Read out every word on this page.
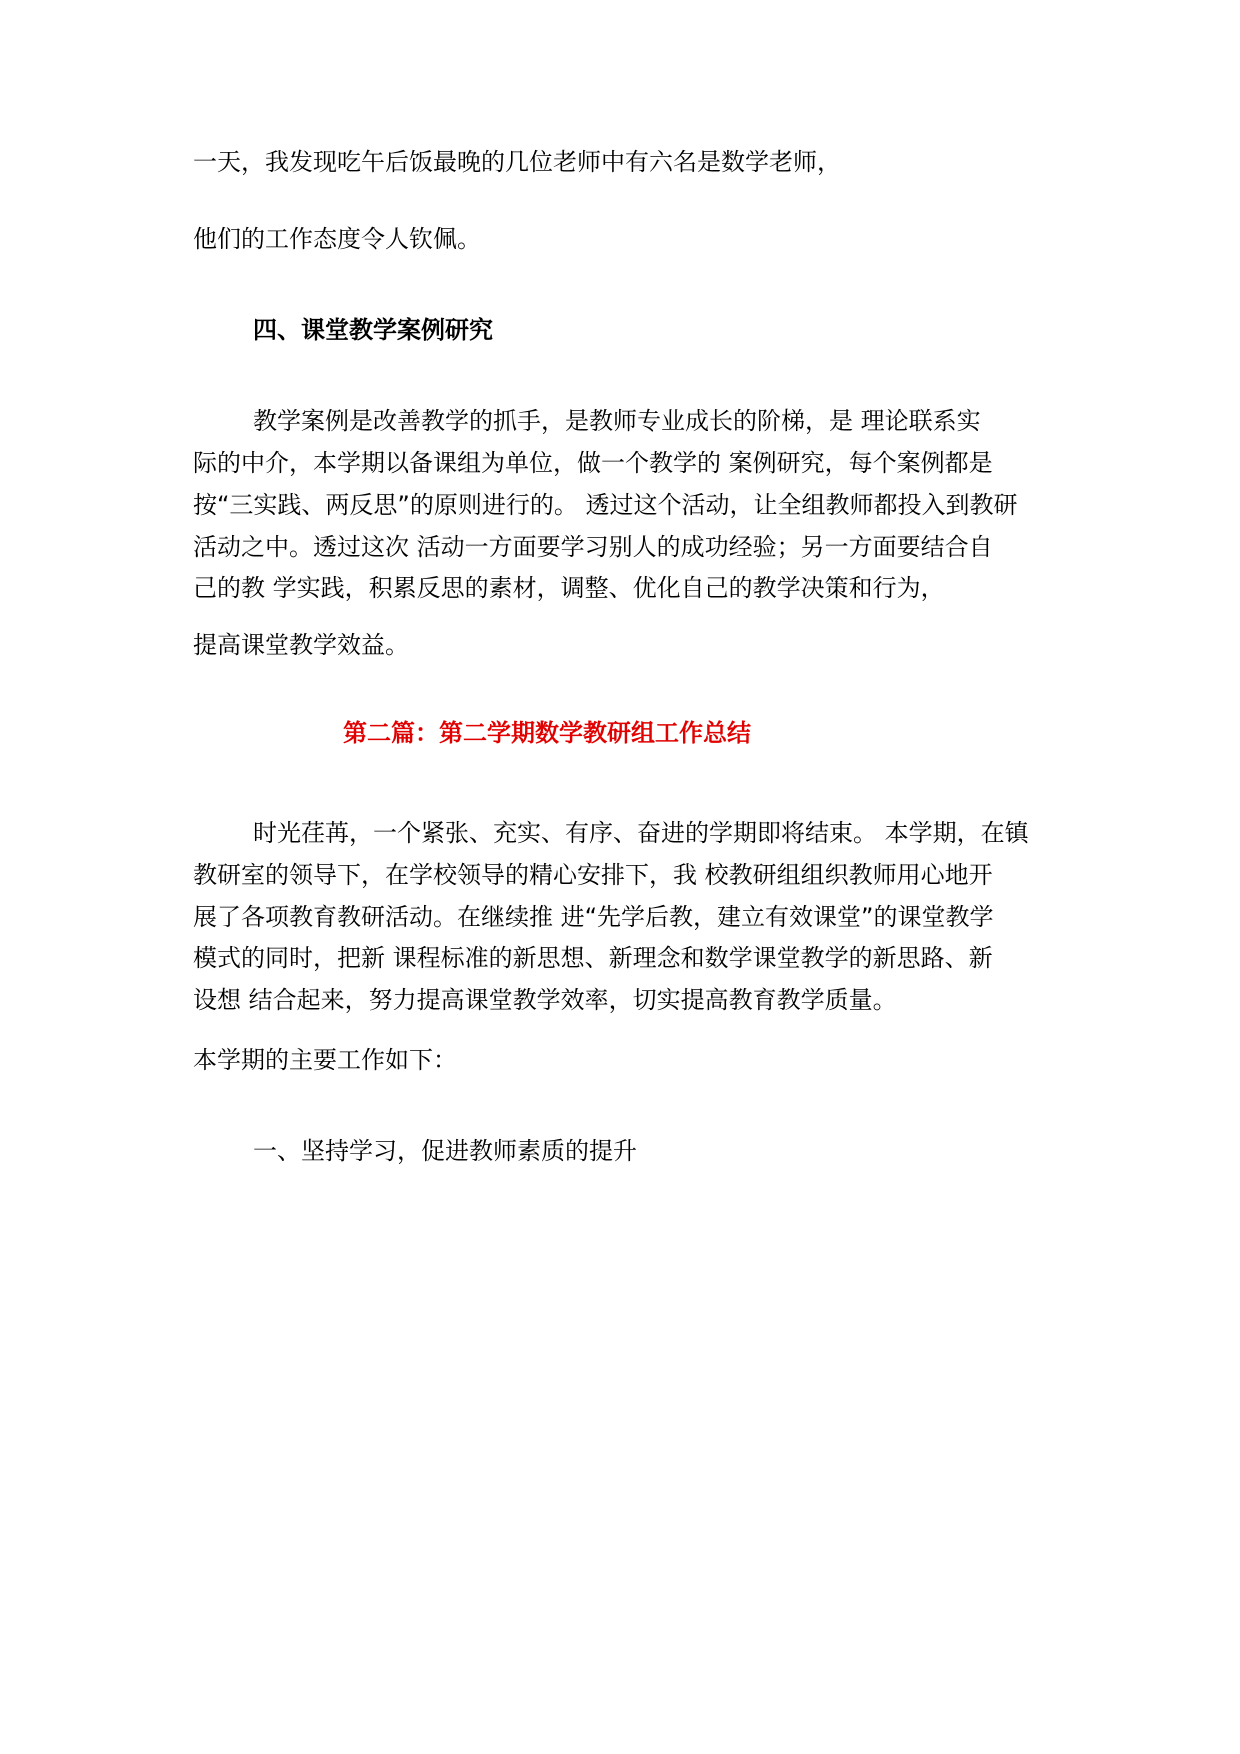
一天，我发现吃午后饭最晚的几位老师中有六名是数学老师，
他们的工作态度令人钦佩。
四、课堂教学案例研究
教学案例是改善教学的抓手，是教师专业成长的阶梯，是 理论联系实
际的中介，本学期以备课组为单位，做一个教学的 案例研究，每个案例都是
按“三实践、两反思”的原则进行的。 透过这个活动，让全组教师都投入到教研
活动之中。透过这次 活动一方面要学习别人的成功经验；另一方面要结合自
己的教 学实践，积累反思的素材，调整、优化自己的教学决策和行为，
提高课堂教学效益。
第二篇：第二学期数学教研组工作总结
时光荏苒，一个紧张、充实、有序、奋进的学期即将结束。 本学期，在镇
教研室的领导下，在学校领导的精心安排下，我 校教研组组织教师用心地开
展了各项教育教研活动。在继续推 进“先学后教，建立有效课堂”的课堂教学
模式的同时，把新 课程标准的新思想、新理念和数学课堂教学的新思路、新
设想 结合起来，努力提高课堂教学效率，切实提高教育教学质量。
本学期的主要工作如下：
一、坚持学习，促进教师素质的提升
